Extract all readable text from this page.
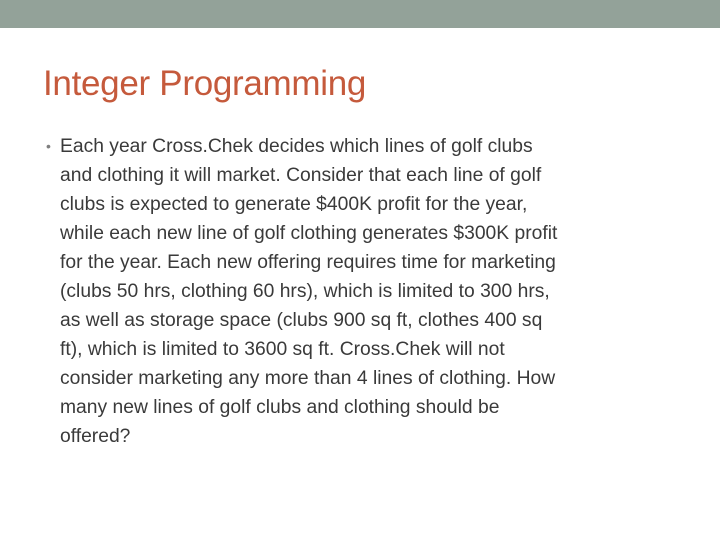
Integer Programming
• Each year Cross.Chek decides which lines of golf clubs
and clothing it will market. Consider that each line of golf
clubs is expected to generate $400K profit for the year,
while each new line of golf clothing generates $300K profit
for the year. Each new offering requires time for marketing
(clubs 50 hrs, clothing 60 hrs), which is limited to 300 hrs,
as well as storage space (clubs 900 sq ft, clothes 400 sq
ft), which is limited to 3600 sq ft. Cross.Chek will not
consider marketing any more than 4 lines of clothing. How
many new lines of golf clubs and clothing should be
offered?
